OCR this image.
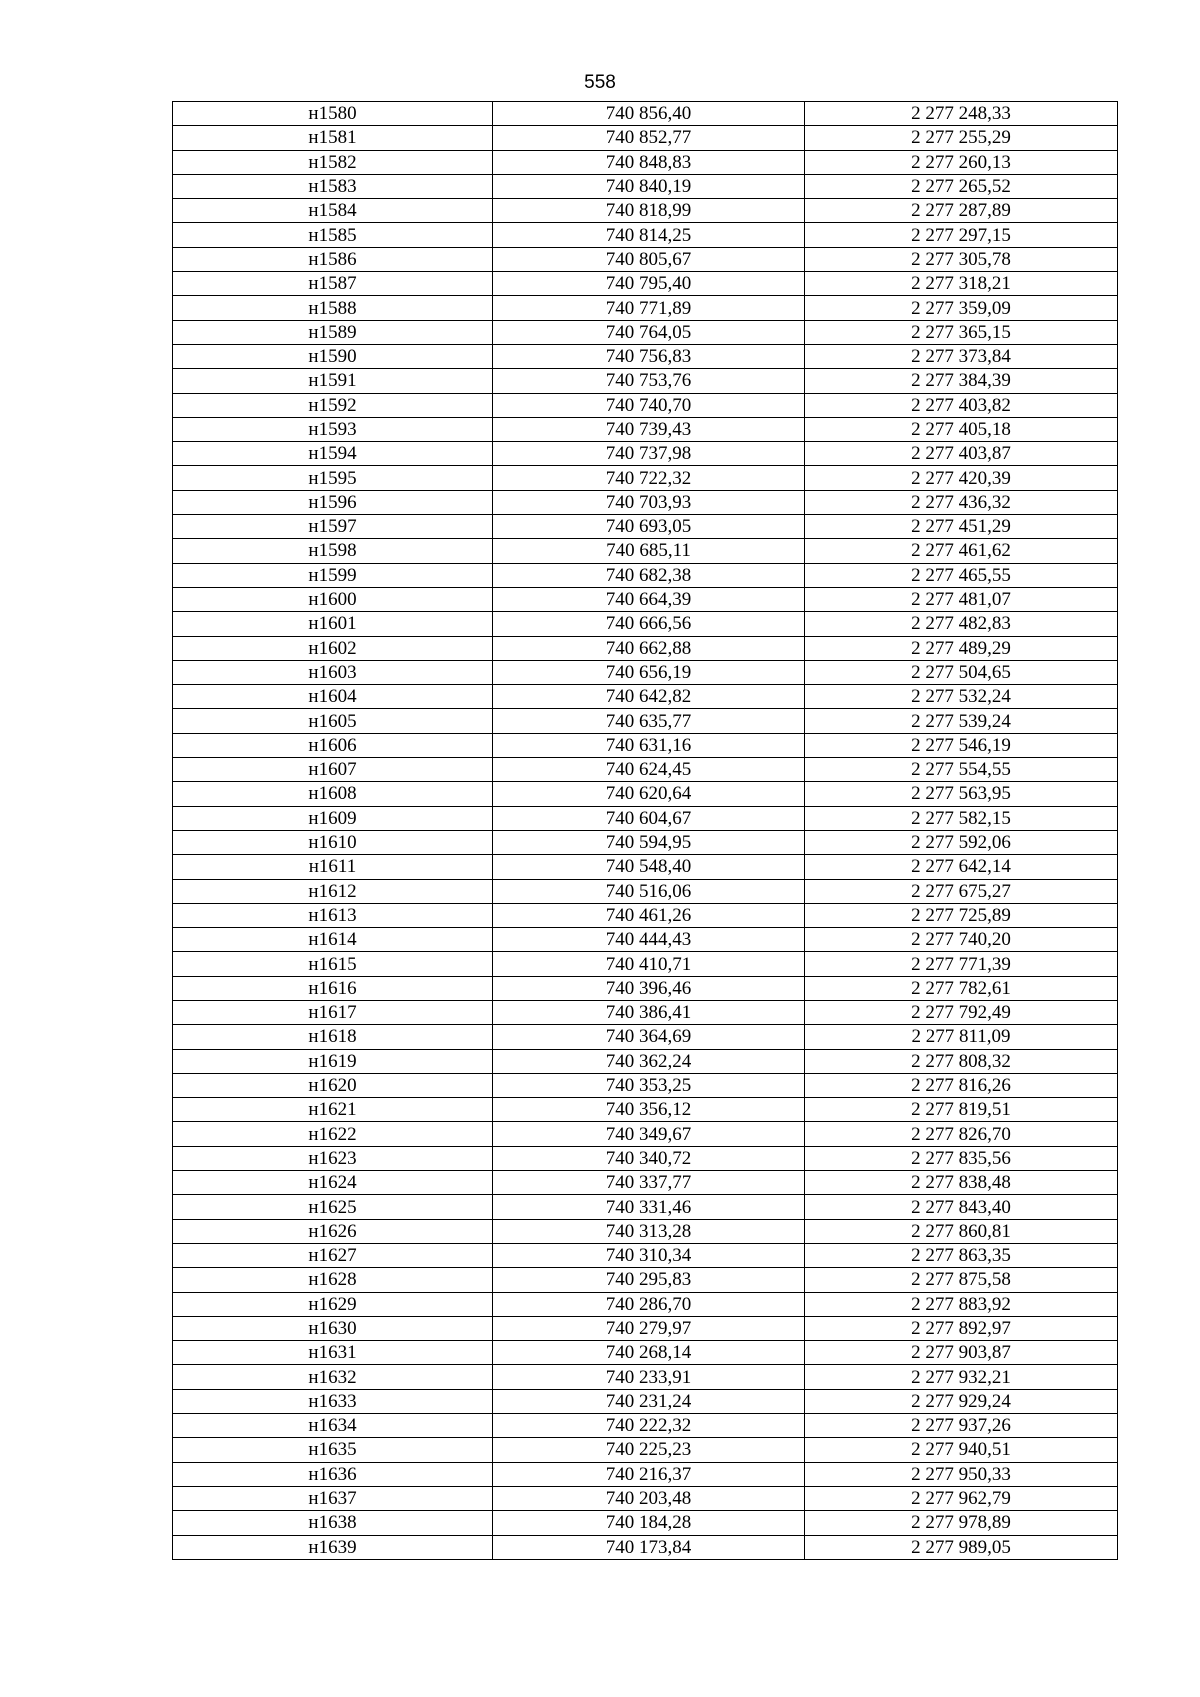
558
н1580	740 856,40	2 277 248,33
н1581	740 852,77	2 277 255,29
н1582	740 848,83	2 277 260,13
н1583	740 840,19	2 277 265,52
н1584	740 818,99	2 277 287,89
н1585	740 814,25	2 277 297,15
н1586	740 805,67	2 277 305,78
н1587	740 795,40	2 277 318,21
н1588	740 771,89	2 277 359,09
н1589	740 764,05	2 277 365,15
н1590	740 756,83	2 277 373,84
н1591	740 753,76	2 277 384,39
н1592	740 740,70	2 277 403,82
н1593	740 739,43	2 277 405,18
н1594	740 737,98	2 277 403,87
н1595	740 722,32	2 277 420,39
н1596	740 703,93	2 277 436,32
н1597	740 693,05	2 277 451,29
н1598	740 685,11	2 277 461,62
н1599	740 682,38	2 277 465,55
н1600	740 664,39	2 277 481,07
н1601	740 666,56	2 277 482,83
н1602	740 662,88	2 277 489,29
н1603	740 656,19	2 277 504,65
н1604	740 642,82	2 277 532,24
н1605	740 635,77	2 277 539,24
н1606	740 631,16	2 277 546,19
н1607	740 624,45	2 277 554,55
н1608	740 620,64	2 277 563,95
н1609	740 604,67	2 277 582,15
н1610	740 594,95	2 277 592,06
н1611	740 548,40	2 277 642,14
н1612	740 516,06	2 277 675,27
н1613	740 461,26	2 277 725,89
н1614	740 444,43	2 277 740,20
н1615	740 410,71	2 277 771,39
н1616	740 396,46	2 277 782,61
н1617	740 386,41	2 277 792,49
н1618	740 364,69	2 277 811,09
н1619	740 362,24	2 277 808,32
н1620	740 353,25	2 277 816,26
н1621	740 356,12	2 277 819,51
н1622	740 349,67	2 277 826,70
н1623	740 340,72	2 277 835,56
н1624	740 337,77	2 277 838,48
н1625	740 331,46	2 277 843,40
н1626	740 313,28	2 277 860,81
н1627	740 310,34	2 277 863,35
н1628	740 295,83	2 277 875,58
н1629	740 286,70	2 277 883,92
н1630	740 279,97	2 277 892,97
н1631	740 268,14	2 277 903,87
н1632	740 233,91	2 277 932,21
н1633	740 231,24	2 277 929,24
н1634	740 222,32	2 277 937,26
н1635	740 225,23	2 277 940,51
н1636	740 216,37	2 277 950,33
н1637	740 203,48	2 277 962,79
н1638	740 184,28	2 277 978,89
н1639	740 173,84	2 277 989,05
